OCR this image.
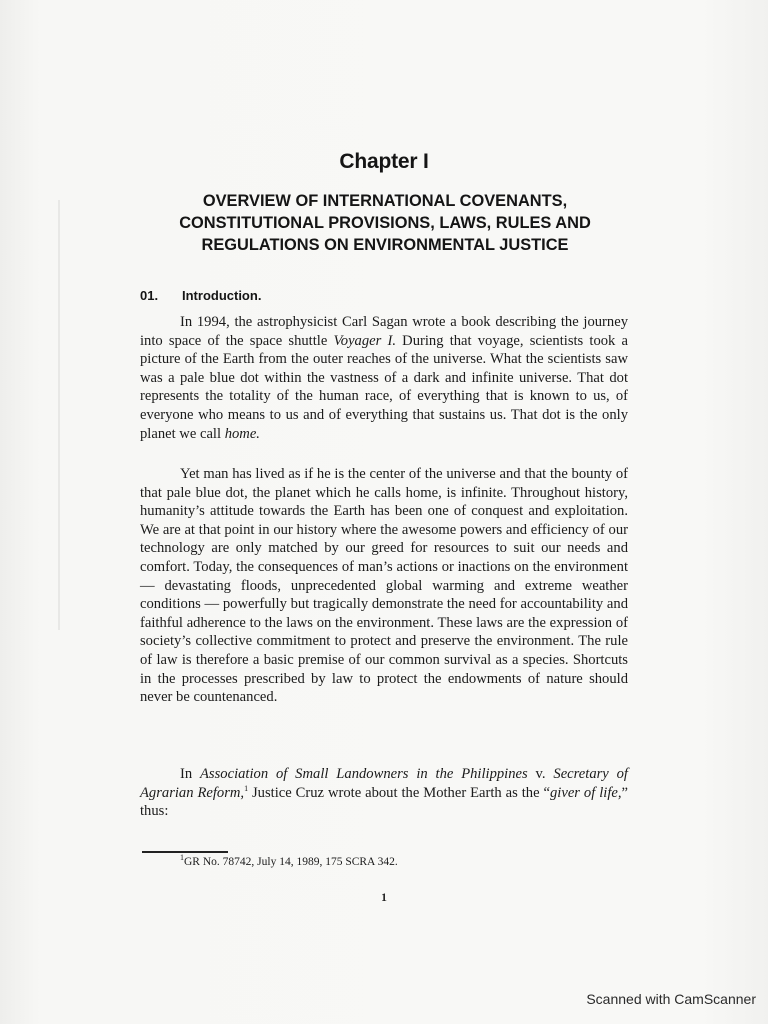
Chapter I
OVERVIEW OF INTERNATIONAL COVENANTS,
CONSTITUTIONAL PROVISIONS, LAWS, RULES AND
REGULATIONS ON ENVIRONMENTAL JUSTICE
01. Introduction.

In 1994, the astrophysicist Carl Sagan wrote a book describing the journey into space of the space shuttle Voyager I. During that voyage, scientists took a picture of the Earth from the outer reaches of the universe. What the scientists saw was a pale blue dot within the vastness of a dark and infinite universe. That dot represents the totality of the human race, of everything that is known to us, of everyone who means to us and of everything that sustains us. That dot is the only planet we call home.

Yet man has lived as if he is the center of the universe and that the bounty of that pale blue dot, the planet which he calls home, is infinite. Throughout history, humanity’s attitude towards the Earth has been one of conquest and exploitation. We are at that point in our history where the awesome powers and efficiency of our technology are only matched by our greed for resources to suit our needs and comfort. Today, the consequences of man’s actions or inactions on the environment — devastating floods, unprecedented global warming and extreme weather conditions — powerfully but tragically demonstrate the need for accountability and faithful adherence to the laws on the environment. These laws are the expression of society’s collective commitment to protect and preserve the environment. The rule of law is therefore a basic premise of our common survival as a species. Shortcuts in the processes prescribed by law to protect the endowments of nature should never be countenanced.

In Association of Small Landowners in the Philippines v. Secretary of Agrarian Reform,$^1$ Justice Cruz wrote about the Mother Earth as the “giver of life,” thus:

$^1$GR No. 78742, July 14, 1989, 175 SCRA 342.
1
Scanned with CamScanner
